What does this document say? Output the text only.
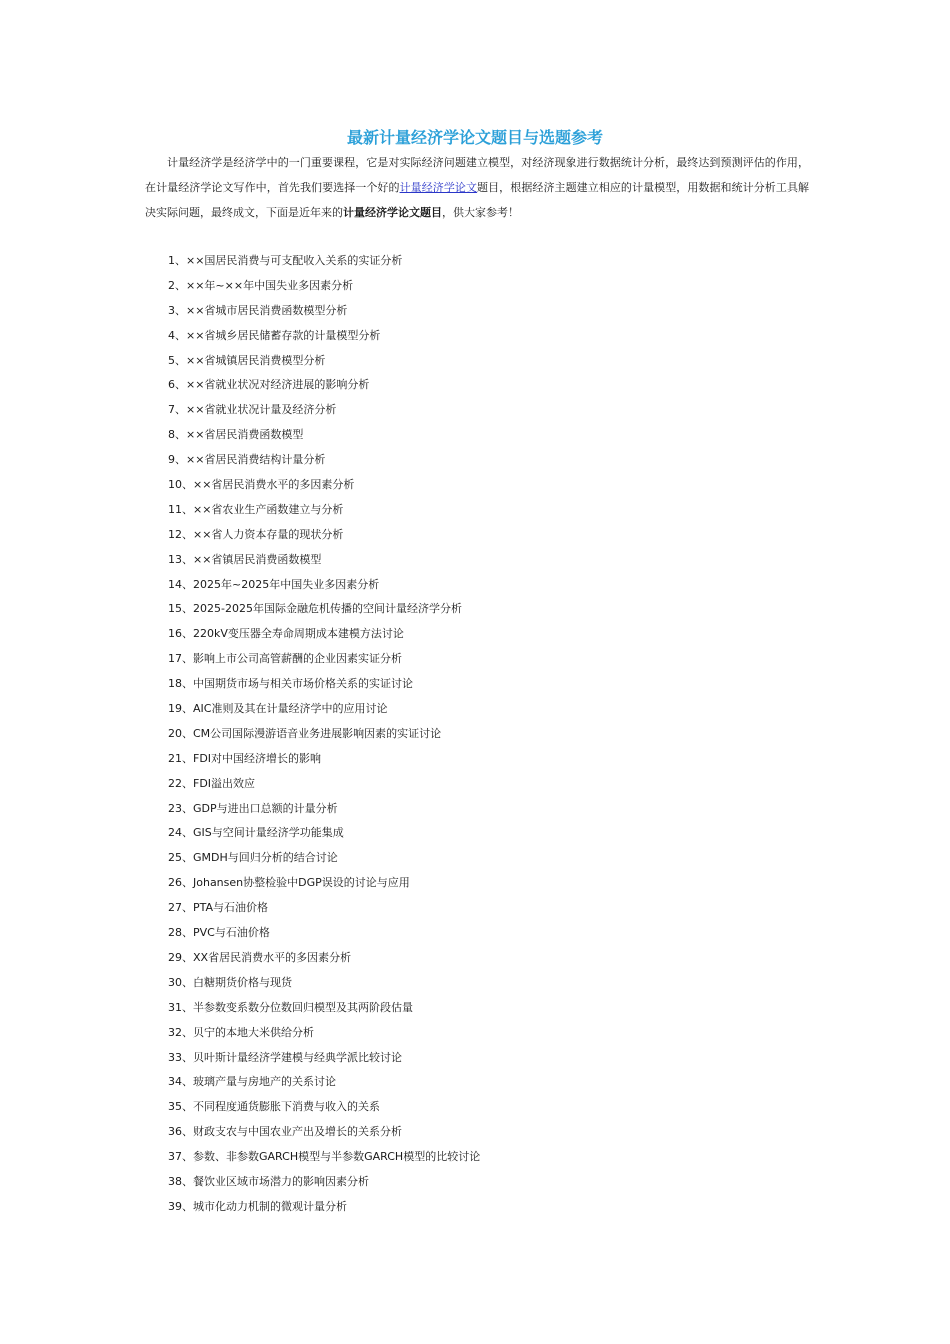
最新计量经济学论文题目与选题参考

计量经济学是经济学中的一门重要课程，它是对实际经济问题建立模型，对经济现象进行数据统计分析，最终达到预测评估的作用，在计量经济学论文写作中，首先我们要选择一个好的计量经济学论文题目，根据经济主题建立相应的计量模型，用数据和统计分析工具解决实际问题，最终成文，下面是近年来的计量经济学论文题目，供大家参考！

1、××国居民消费与可支配收入关系的实证分析
2、××年~××年中国失业多因素分析
3、××省城市居民消费函数模型分析
4、××省城乡居民储蓄存款的计量模型分析
5、××省城镇居民消费模型分析
6、××省就业状况对经济进展的影响分析
7、××省就业状况计量及经济分析
8、××省居民消费函数模型
9、××省居民消费结构计量分析
10、××省居民消费水平的多因素分析
11、××省农业生产函数建立与分析
12、××省人力资本存量的现状分析
13、××省镇居民消费函数模型
14、2025年~2025年中国失业多因素分析
15、2025-2025年国际金融危机传播的空间计量经济学分析
16、220kV变压器全寿命周期成本建模方法讨论
17、影响上市公司高管薪酬的企业因素实证分析
18、中国期货市场与相关市场价格关系的实证讨论
19、AIC准则及其在计量经济学中的应用讨论
20、CM公司国际漫游语音业务进展影响因素的实证讨论
21、FDI对中国经济增长的影响
22、FDI溢出效应
23、GDP与进出口总额的计量分析
24、GIS与空间计量经济学功能集成
25、GMDH与回归分析的结合讨论
26、Johansen协整检验中DGP误设的讨论与应用
27、PTA与石油价格
28、PVC与石油价格
29、XX省居民消费水平的多因素分析
30、白糖期货价格与现货
31、半参数变系数分位数回归模型及其两阶段估量
32、贝宁的本地大米供给分析
33、贝叶斯计量经济学建模与经典学派比较讨论
34、玻璃产量与房地产的关系讨论
35、不同程度通货膨胀下消费与收入的关系
36、财政支农与中国农业产出及增长的关系分析
37、参数、非参数GARCH模型与半参数GARCH模型的比较讨论
38、餐饮业区域市场潜力的影响因素分析
39、城市化动力机制的微观计量分析
